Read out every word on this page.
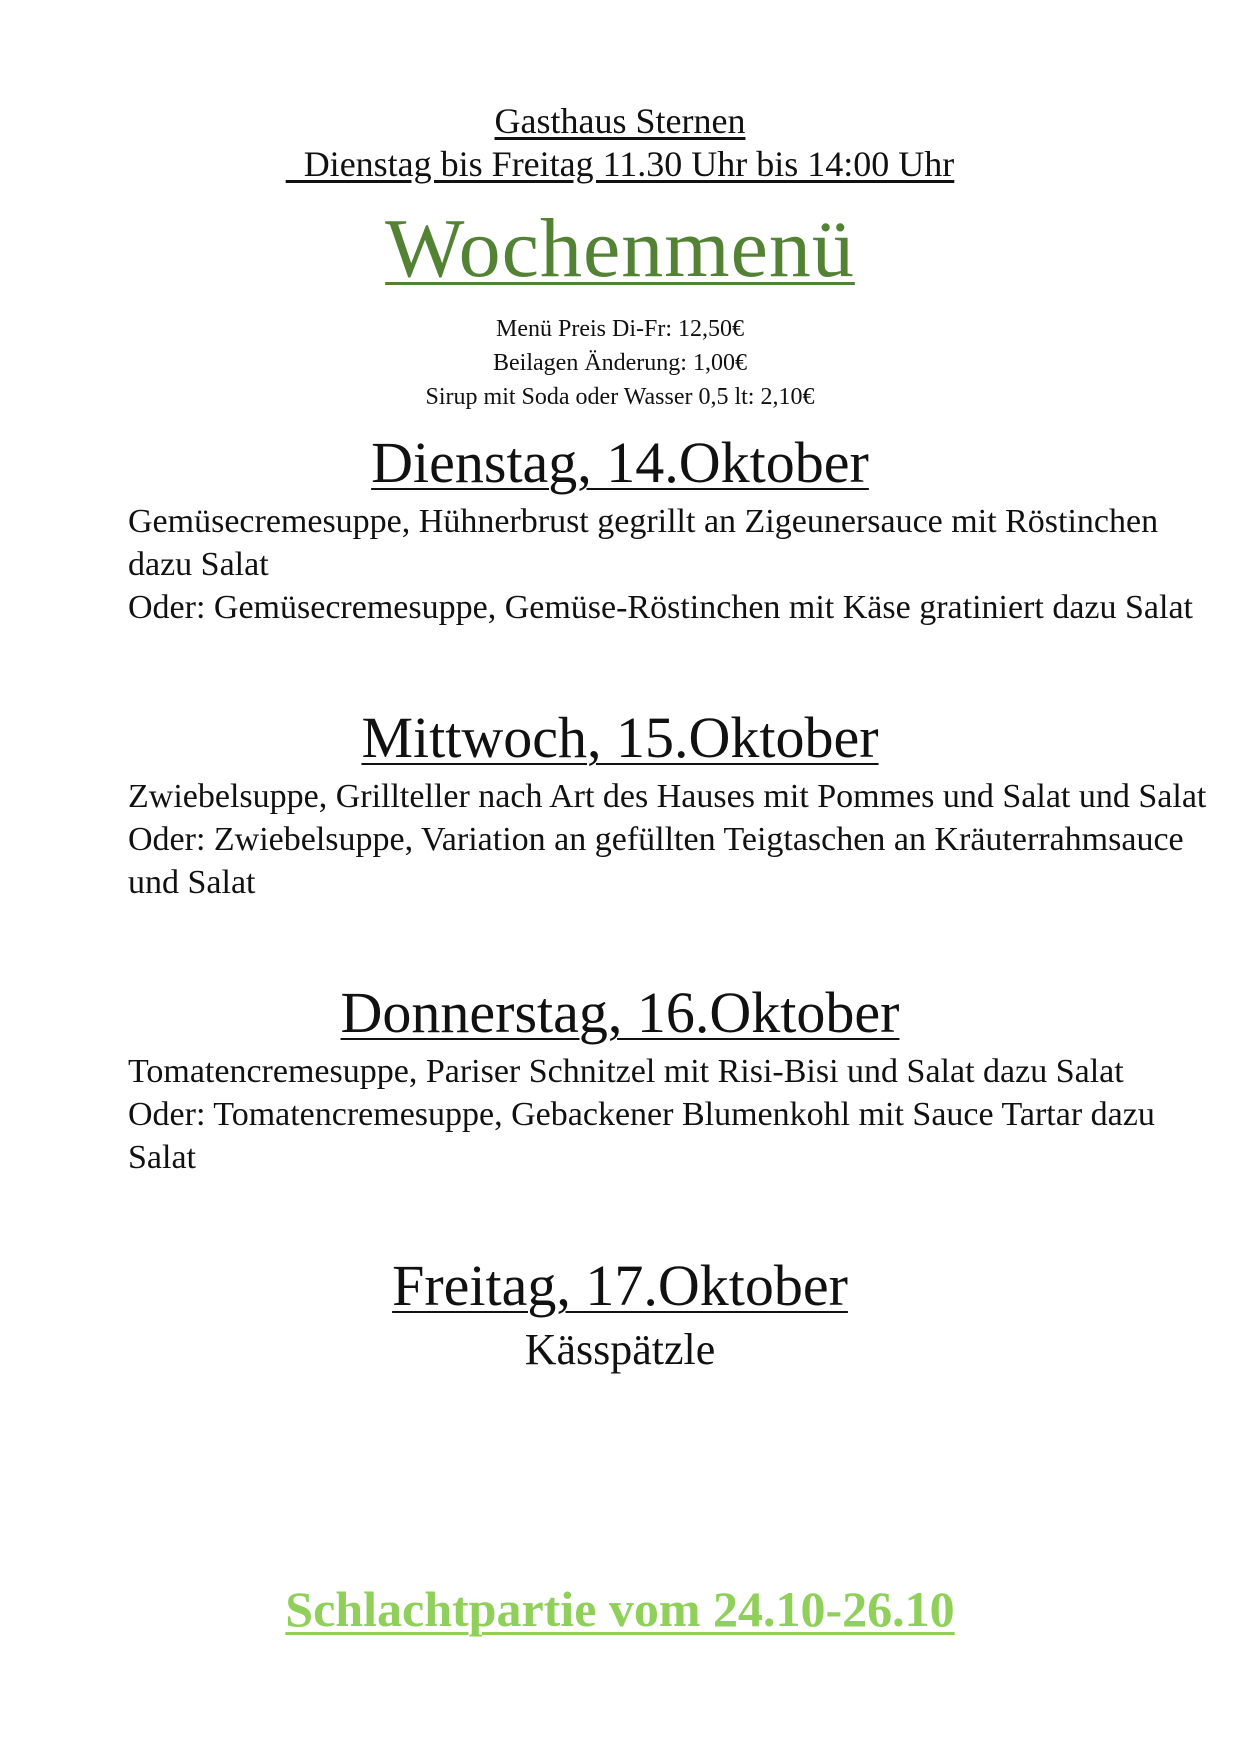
Gasthaus Sternen
Dienstag bis Freitag 11.30 Uhr bis 14:00 Uhr
Wochenmenü
Menü Preis Di-Fr: 12,50€
Beilagen Änderung: 1,00€
Sirup mit Soda oder Wasser 0,5 lt: 2,10€
Dienstag, 14.Oktober

Gemüsecremesuppe, Hühnerbrust gegrillt an Zigeunersauce mit Röstinchen dazu Salat

Oder: Gemüsecremesuppe, Gemüse-Röstinchen mit Käse gratiniert dazu Salat

Mittwoch, 15.Oktober

Zwiebelsuppe, Grillteller nach Art des Hauses mit Pommes und Salat und Salat

Oder: Zwiebelsuppe, Variation an gefüllten Teigtaschen an Kräuterrahmsauce und Salat

Donnerstag, 16.Oktober

Tomatencremesuppe, Pariser Schnitzel mit Risi-Bisi und Salat dazu Salat

Oder: Tomatencremesuppe, Gebackener Blumenkohl mit Sauce Tartar dazu Salat

Freitag, 17.Oktober
Kässpätzle
Schlachtpartie vom 24.10-26.10
